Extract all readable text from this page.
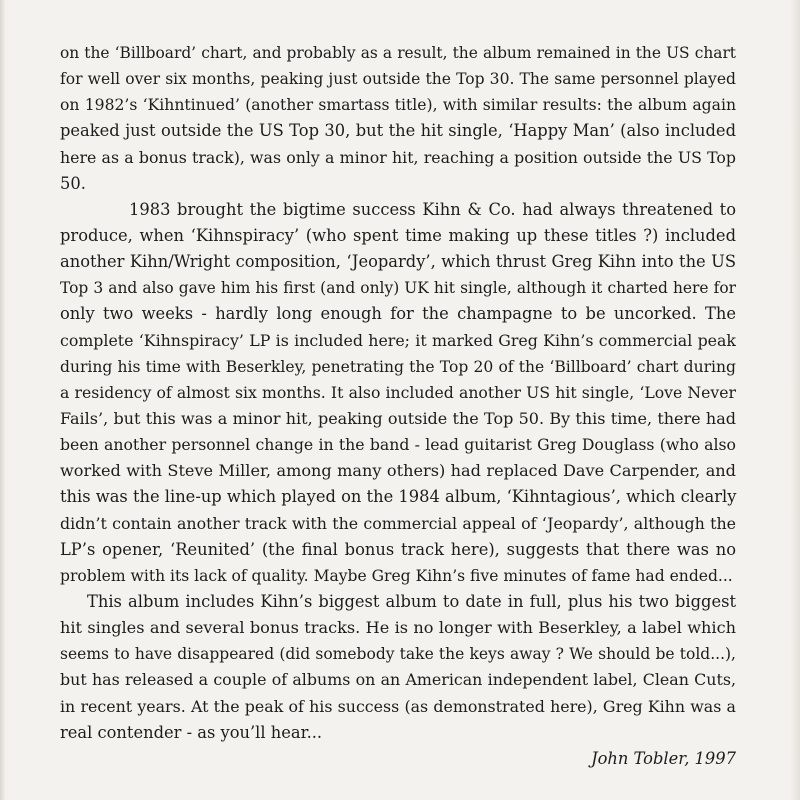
on the ‘Billboard’ chart, and probably as a result, the album remained in the US chart
for well over six months, peaking just outside the Top 30. The same personnel played
on 1982’s ‘Kihntinued’ (another smartass title), with similar results: the album again
peaked just outside the US Top 30, but the hit single, ‘Happy Man’ (also included
here as a bonus track), was only a minor hit, reaching a position outside the US Top
50.

1983 brought the bigtime success Kihn & Co. had always threatened to
produce, when ‘Kihnspiracy’ (who spent time making up these titles ?) included
another Kihn/Wright composition, ‘Jeopardy’, which thrust Greg Kihn into the US
Top 3 and also gave him his first (and only) UK hit single, although it charted here for
only two weeks - hardly long enough for the champagne to be uncorked. The
complete ‘Kihnspiracy’ LP is included here; it marked Greg Kihn’s commercial peak
during his time with Beserkley, penetrating the Top 20 of the ‘Billboard’ chart during
a residency of almost six months. It also included another US hit single, ‘Love Never
Fails’, but this was a minor hit, peaking outside the Top 50. By this time, there had
been another personnel change in the band - lead guitarist Greg Douglass (who also
worked with Steve Miller, among many others) had replaced Dave Carpender, and
this was the line-up which played on the 1984 album, ‘Kihntagious’, which clearly
didn’t contain another track with the commercial appeal of ‘Jeopardy’, although the
LP’s opener, ‘Reunited’ (the final bonus track here), suggests that there was no
problem with its lack of quality. Maybe Greg Kihn’s five minutes of fame had ended...

This album includes Kihn’s biggest album to date in full, plus his two biggest
hit singles and several bonus tracks. He is no longer with Beserkley, a label which
seems to have disappeared (did somebody take the keys away ? We should be told...),
but has released a couple of albums on an American independent label, Clean Cuts,
in recent years. At the peak of his success (as demonstrated here), Greg Kihn was a
real contender - as you’ll hear...

John Tobler, 1997
